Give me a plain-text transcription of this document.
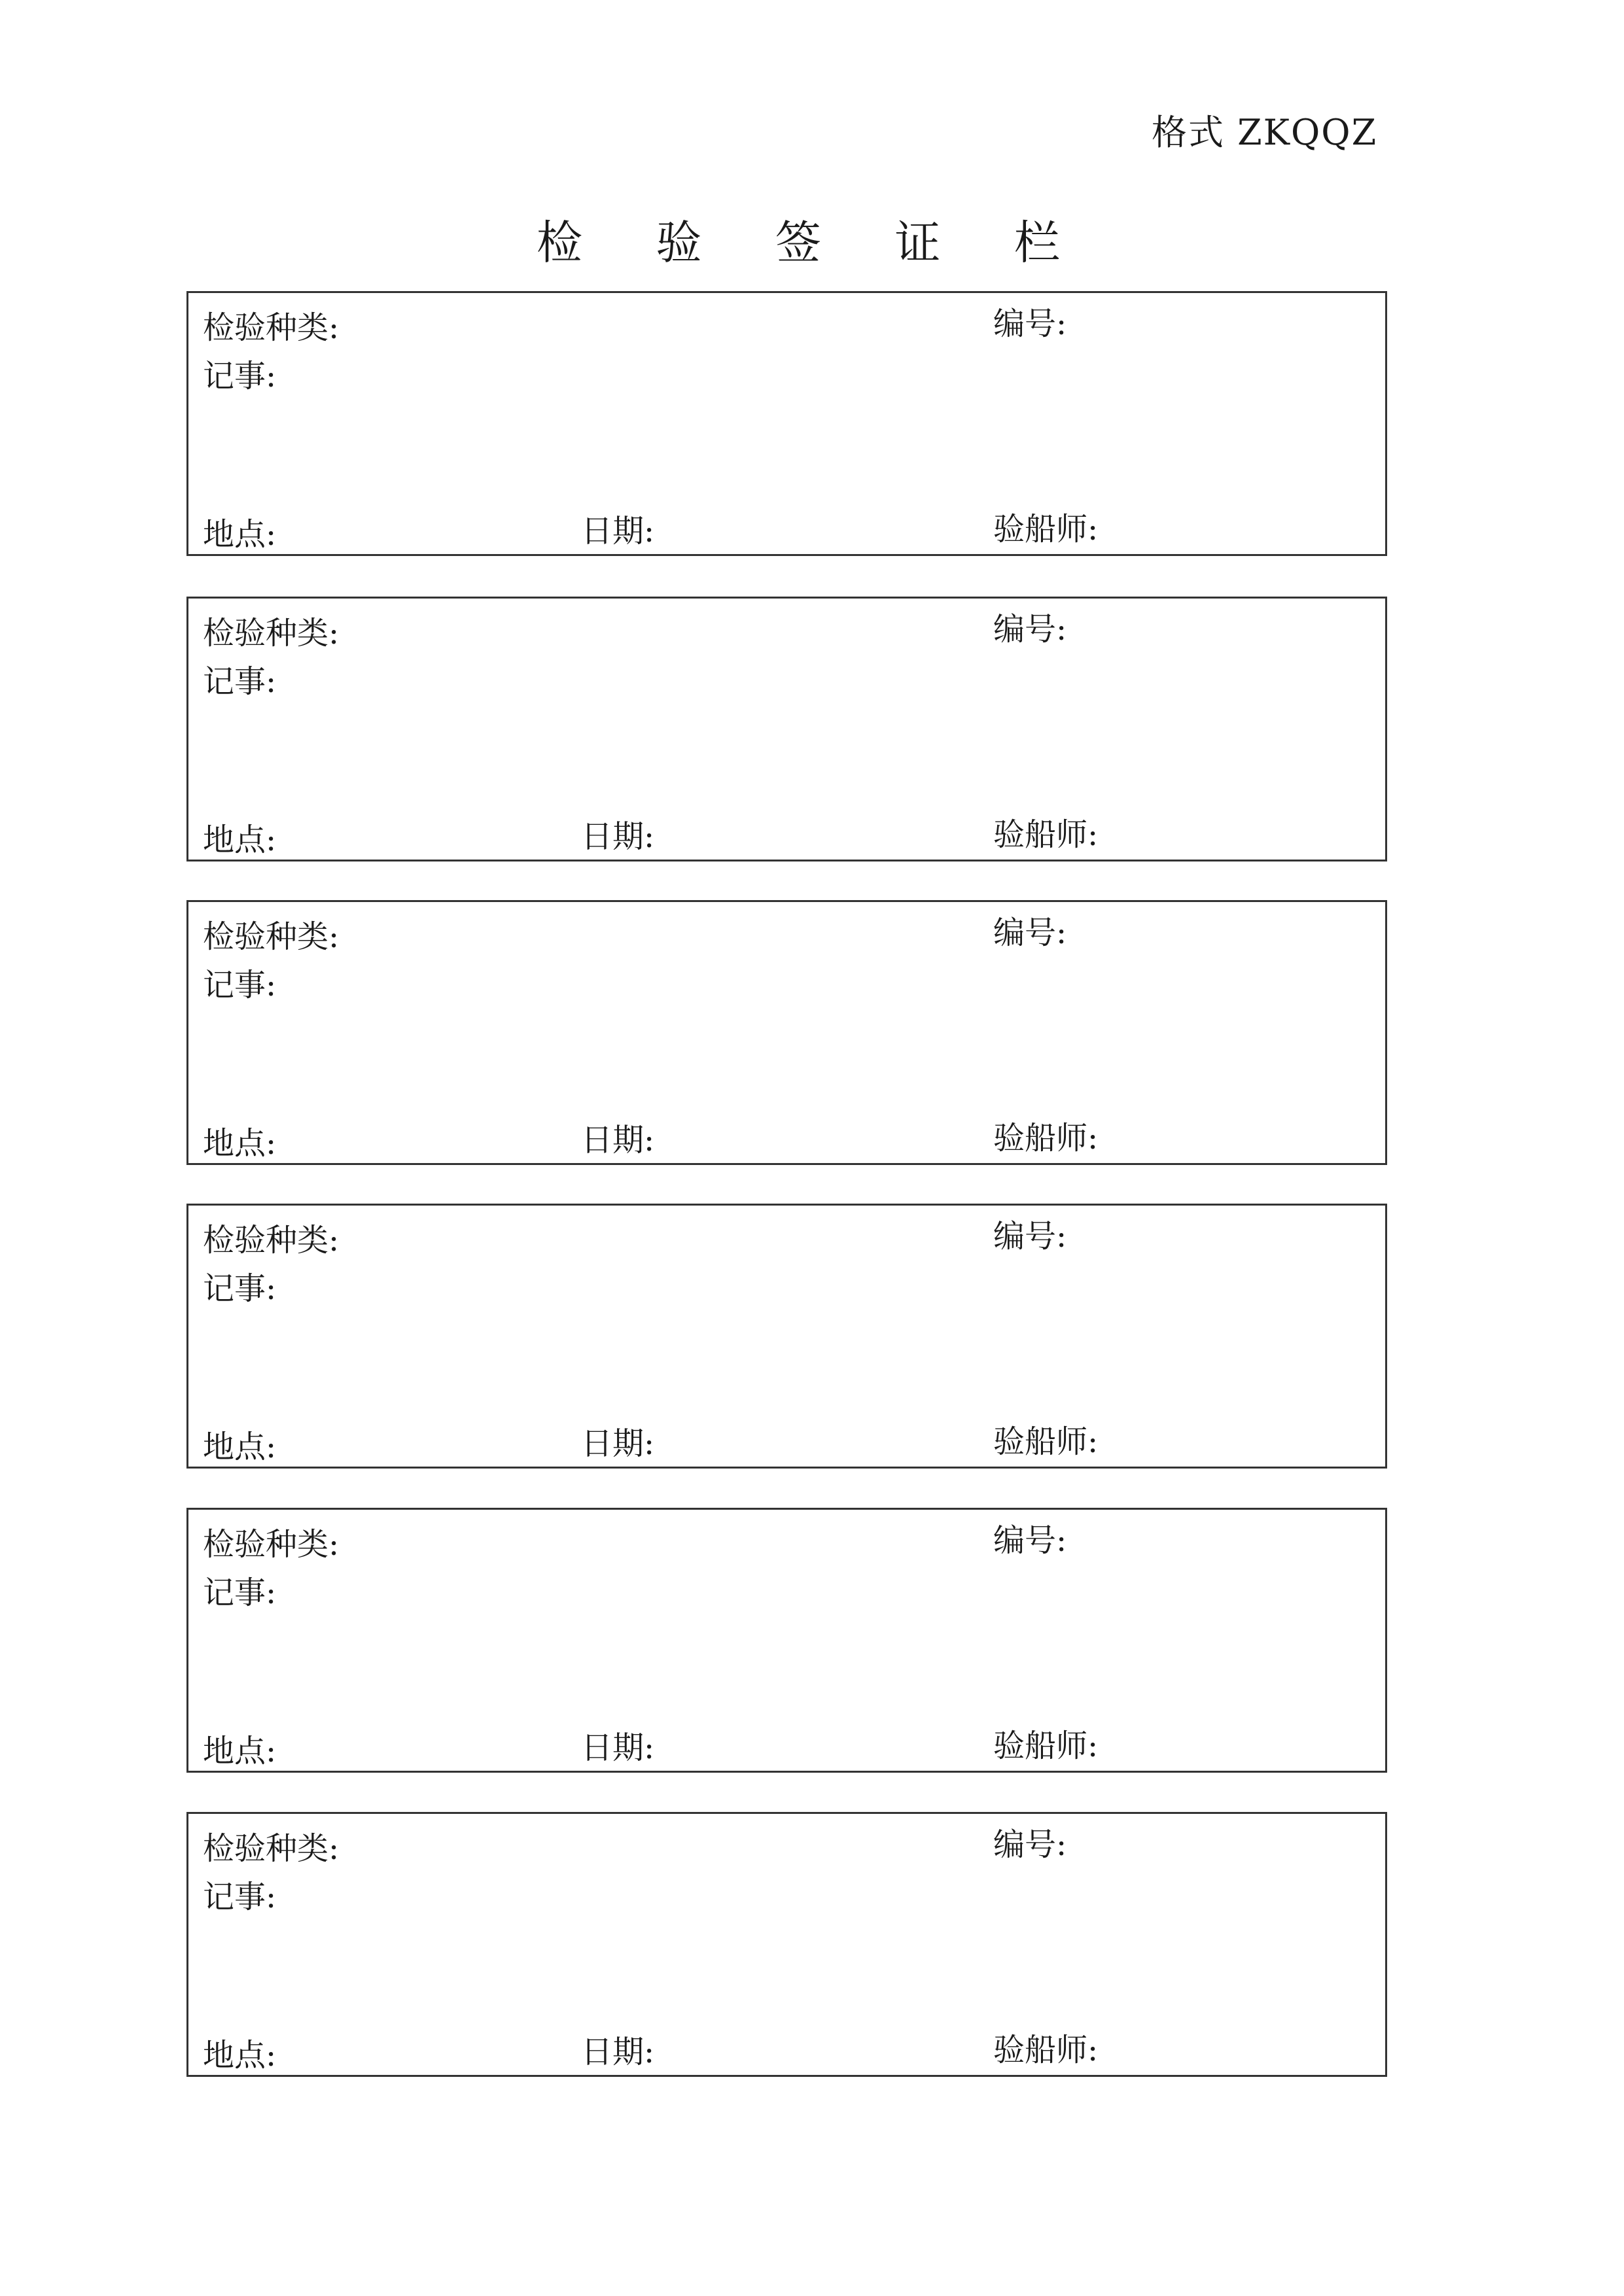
格式 ZKQQZ
检 验 签 证 栏
检验种类:	编号:
记事:
地点:	日期:	验船师:
检验种类:	编号:
记事:
地点:	日期:	验船师:
检验种类:	编号:
记事:
地点:	日期:	验船师:
检验种类:	编号:
记事:
地点:	日期:	验船师:
检验种类:	编号:
记事:
地点:	日期:	验船师:
检验种类:	编号:
记事:
地点:	日期:	验船师:
